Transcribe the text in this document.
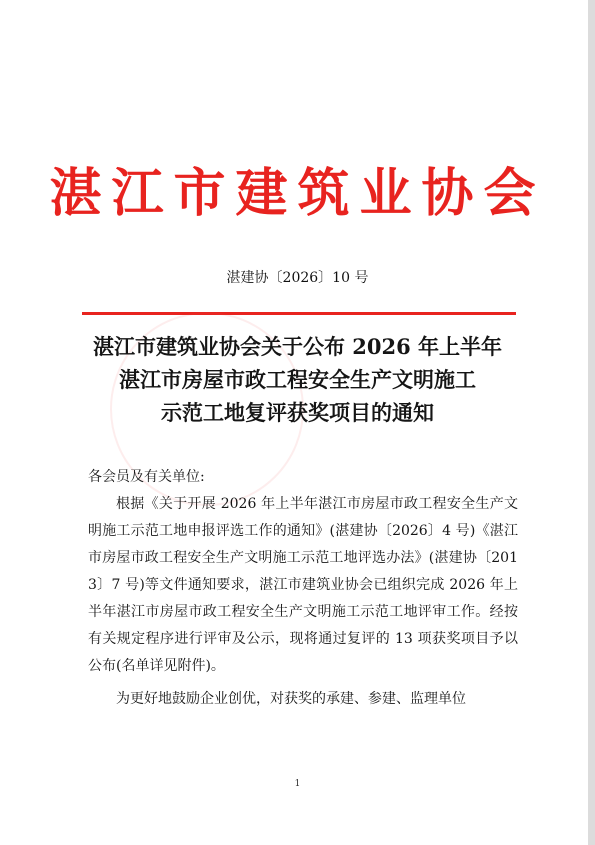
湛江市建筑业协会
湛建协〔2026〕10 号
湛江市建筑业协会关于公布 2026 年上半年
湛江市房屋市政工程安全生产文明施工
示范工地复评获奖项目的通知

各会员及有关单位:

根据《关于开展 2026 年上半年湛江市房屋市政工程安全生产文明施工示范工地申报评选工作的通知》(湛建协〔2026〕4 号)《湛江市房屋市政工程安全生产文明施工示范工地评选办法》(湛建协〔2013〕7 号)等文件通知要求，湛江市建筑业协会已组织完成 2026 年上半年湛江市房屋市政工程安全生产文明施工示范工地评审工作。经按有关规定程序进行评审及公示，现将通过复评的 13 项获奖项目予以公布(名单详见附件)。

为更好地鼓励企业创优，对获奖的承建、参建、监理单位

1
